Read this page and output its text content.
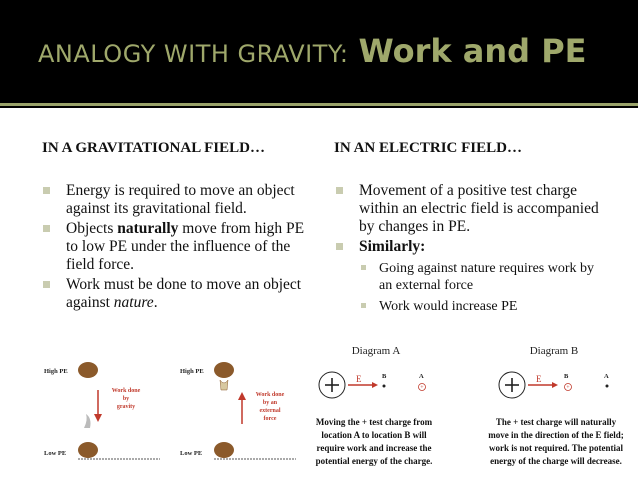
ANALOGY WITH GRAVITY: Work and PE
IN A GRAVITATIONAL FIELD…
Energy is required to move an object against its gravitational field.
Objects naturally move from high PE to low PE under the influence of the field force.
Work must be done to move an object against nature.
IN AN ELECTRIC FIELD…
Movement of a positive test charge within an electric field is accompanied by changes in PE.
Similarly:
Going against nature requires work by an external force
Work would increase PE
High PE
Low PE
Work done
by
gravity
High PE
Low PE
Work done
by an
external
force
Diagram A
E	B	A
+
Moving the + test charge from
location A to location B will
require work and increase the
potential energy of the charge.
Diagram B
E	B
+
A
The + test charge will naturally
move in the direction of the E field;
work is not required. The potential
energy of the charge will decrease.
